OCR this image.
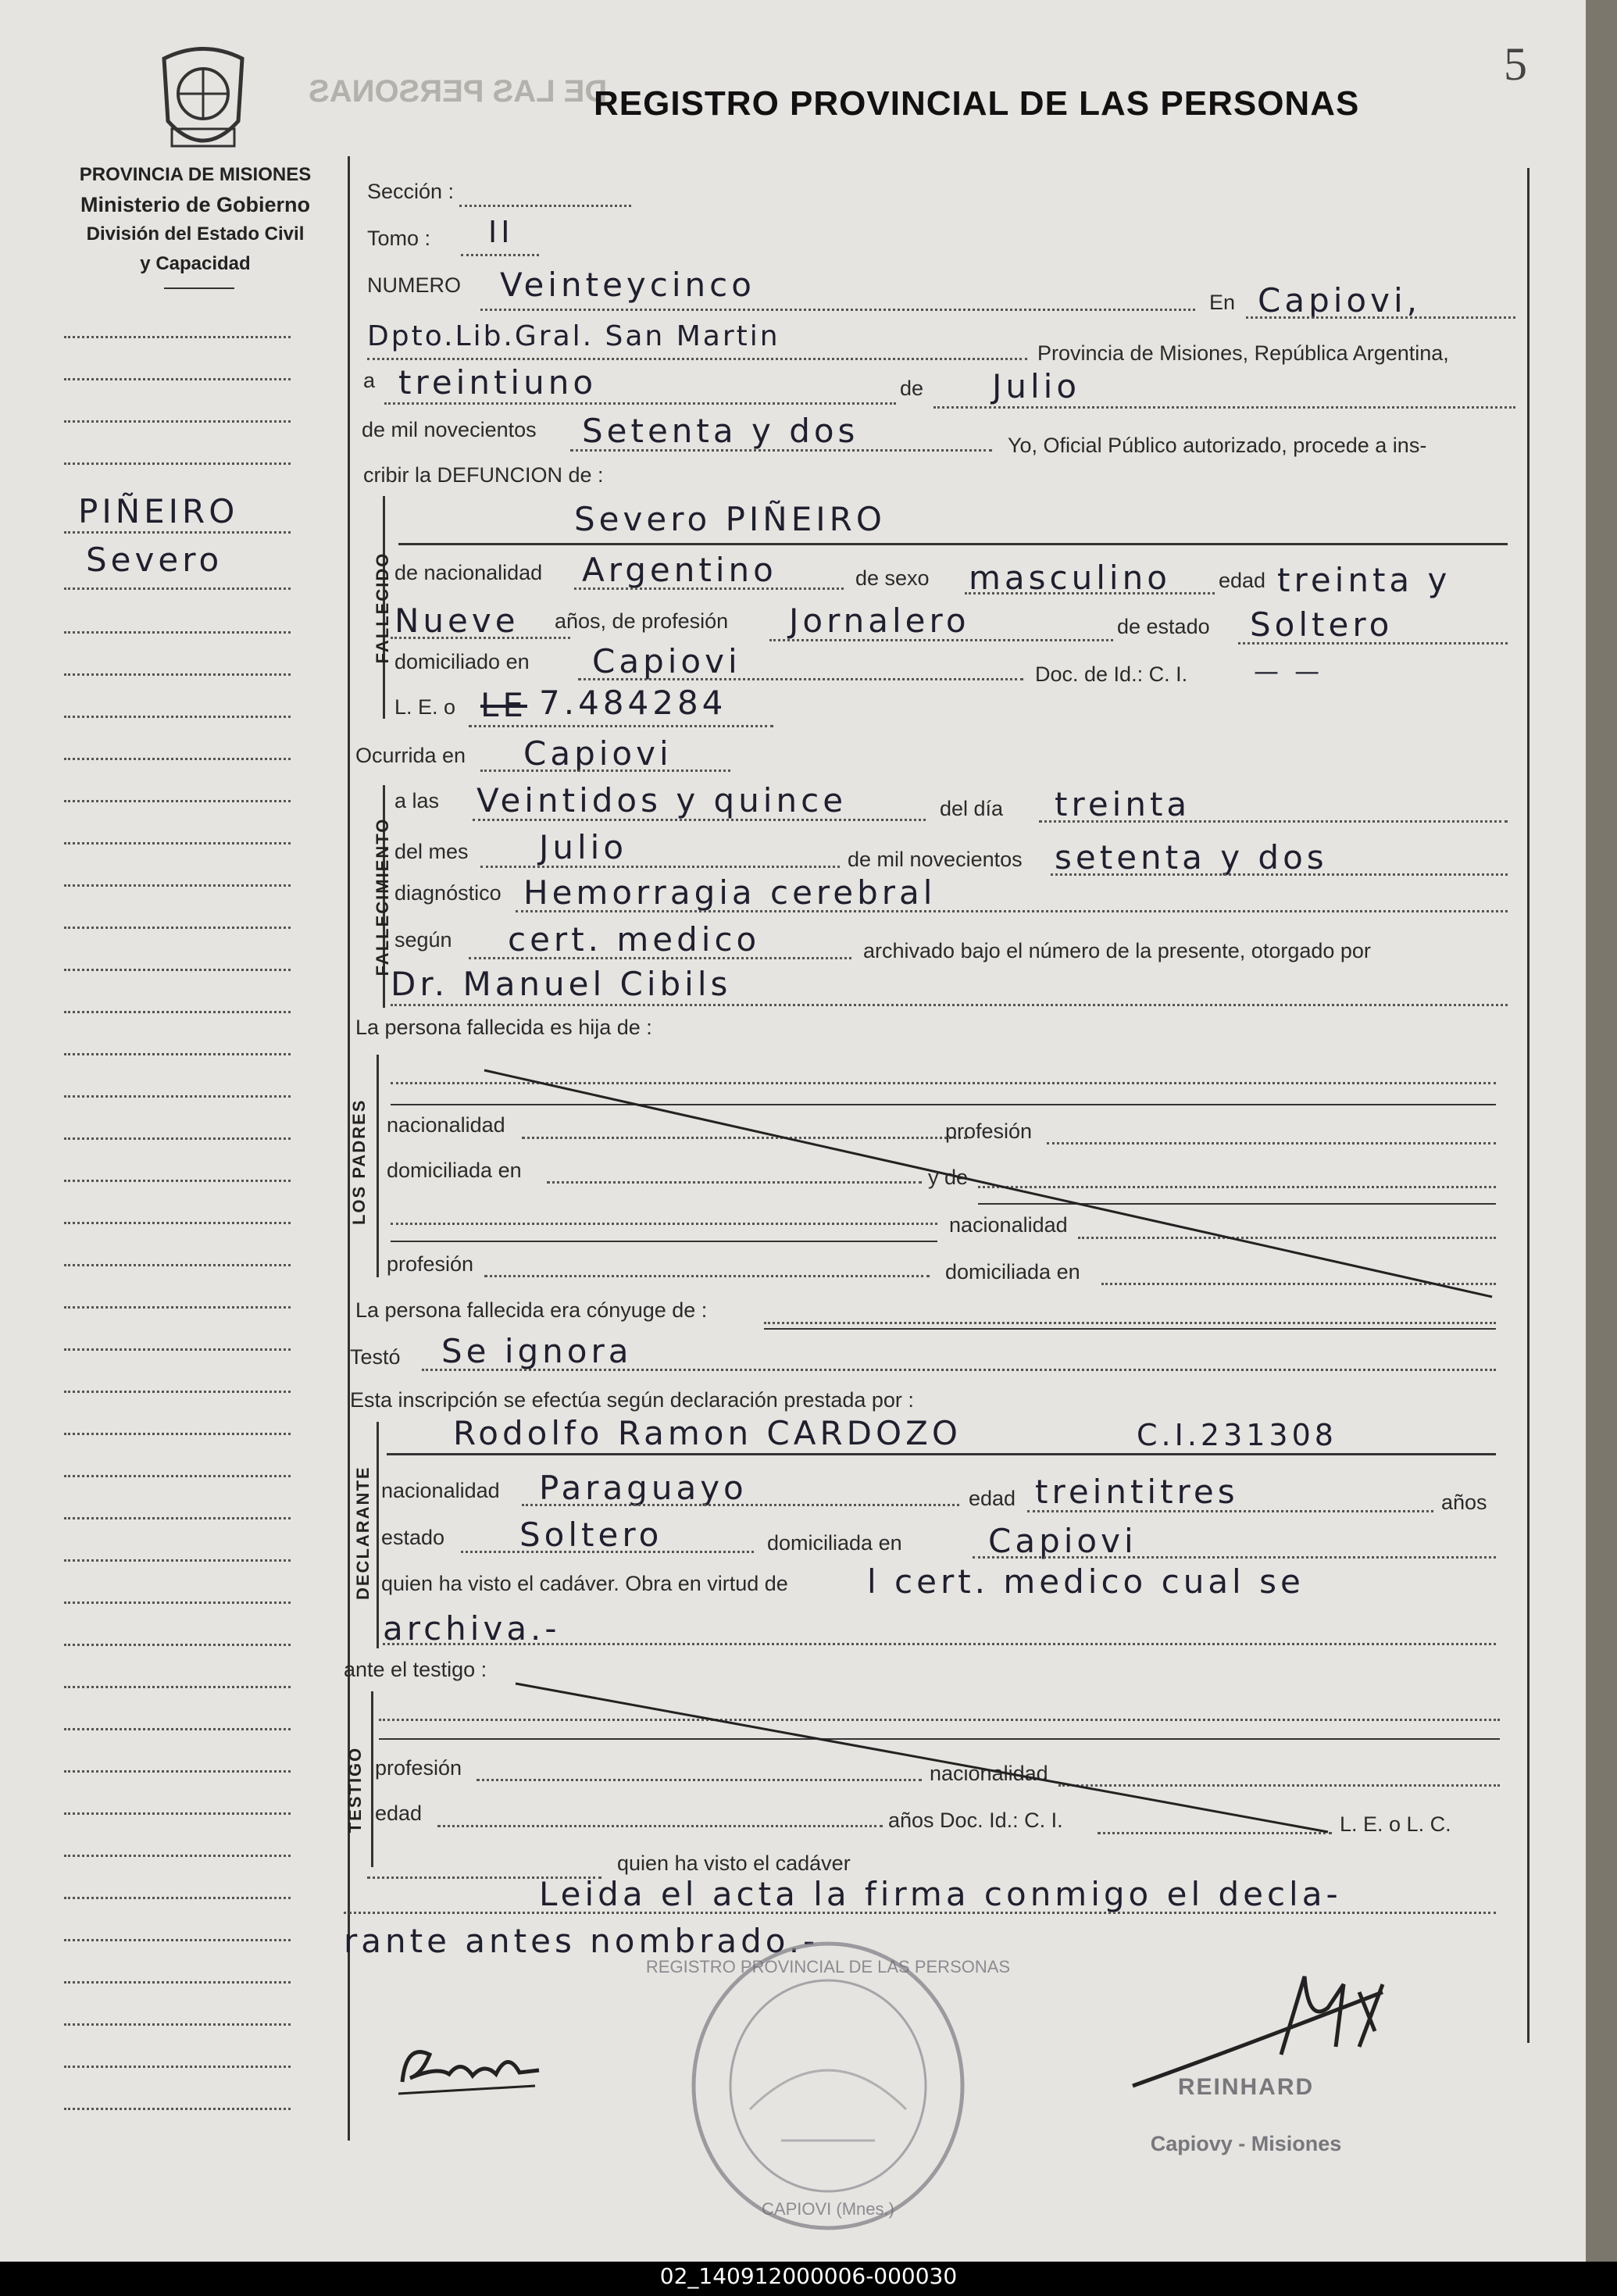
5
DE LAS PERSONAS
REGISTRO PROVINCIAL DE LAS PERSONAS
PROVINCIA DE MISIONES
Ministerio de Gobierno
División del Estado Civil
y Capacidad
PIÑEIRO
Severo
Sección :
Tomo : II
NUMERO Veinteycinco	En Capiovi,
Dpto.Lib.Gral. San Martin
Provincia de Misiones, República Argentina,
a treintiuno	de Julio
de mil novecientos Setenta y dos	Yo, Oficial Público autorizado, procede a ins-
cribir la DEFUNCION de :
FALLECIDO
Severo PIÑEIRO
de nacionalidad Argentino	de sexo masculino edad treinta y
Nueve años, de profesión Jornalero	de estado Soltero
domiciliado en Capiovi	Doc. de Id.: C. I.	— —
L. E. o LE 7.484284
Ocurrida en Capiovi
FALLECIMIENTO
a las Veintidos y quince	del día treinta
del mes Julio	de mil novecientos setenta y dos
diagnóstico Hemorragia cerebral
según cert. medico	archivado bajo el número de la presente, otorgado por
Dr. Manuel Cibils
La persona fallecida es hija de :
LOS PADRES nacionalidad	profesión
domiciliada en	y de
nacionalidad
profesión	domiciliada en
La persona fallecida era cónyuge de :
Testó Se ignora
Esta inscripción se efectúa según declaración prestada por :
DECLARANTE
Rodolfo Ramon CARDOZO	C.I.231308
nacionalidad Paraguayo	edad treintitres	años
estado Soltero	domiciliada en	Capiovi
quien ha visto el cadáver. Obra en virtud de l cert. medico cual se
archiva.-
ante el testigo :
TESTIGO profesión	nacionalidad
edad	años Doc. Id.: C. I.	L. E. o L. C.
quien ha visto el cadáver
Leida el acta la firma conmigo el decla-
rante antes nombrado.-
REGISTRO PROVINCIAL DE LAS PERSONAS
CAPIOVI (Mnes.)
REINHARD
Capiovy - Misiones
02_140912000006-000030
